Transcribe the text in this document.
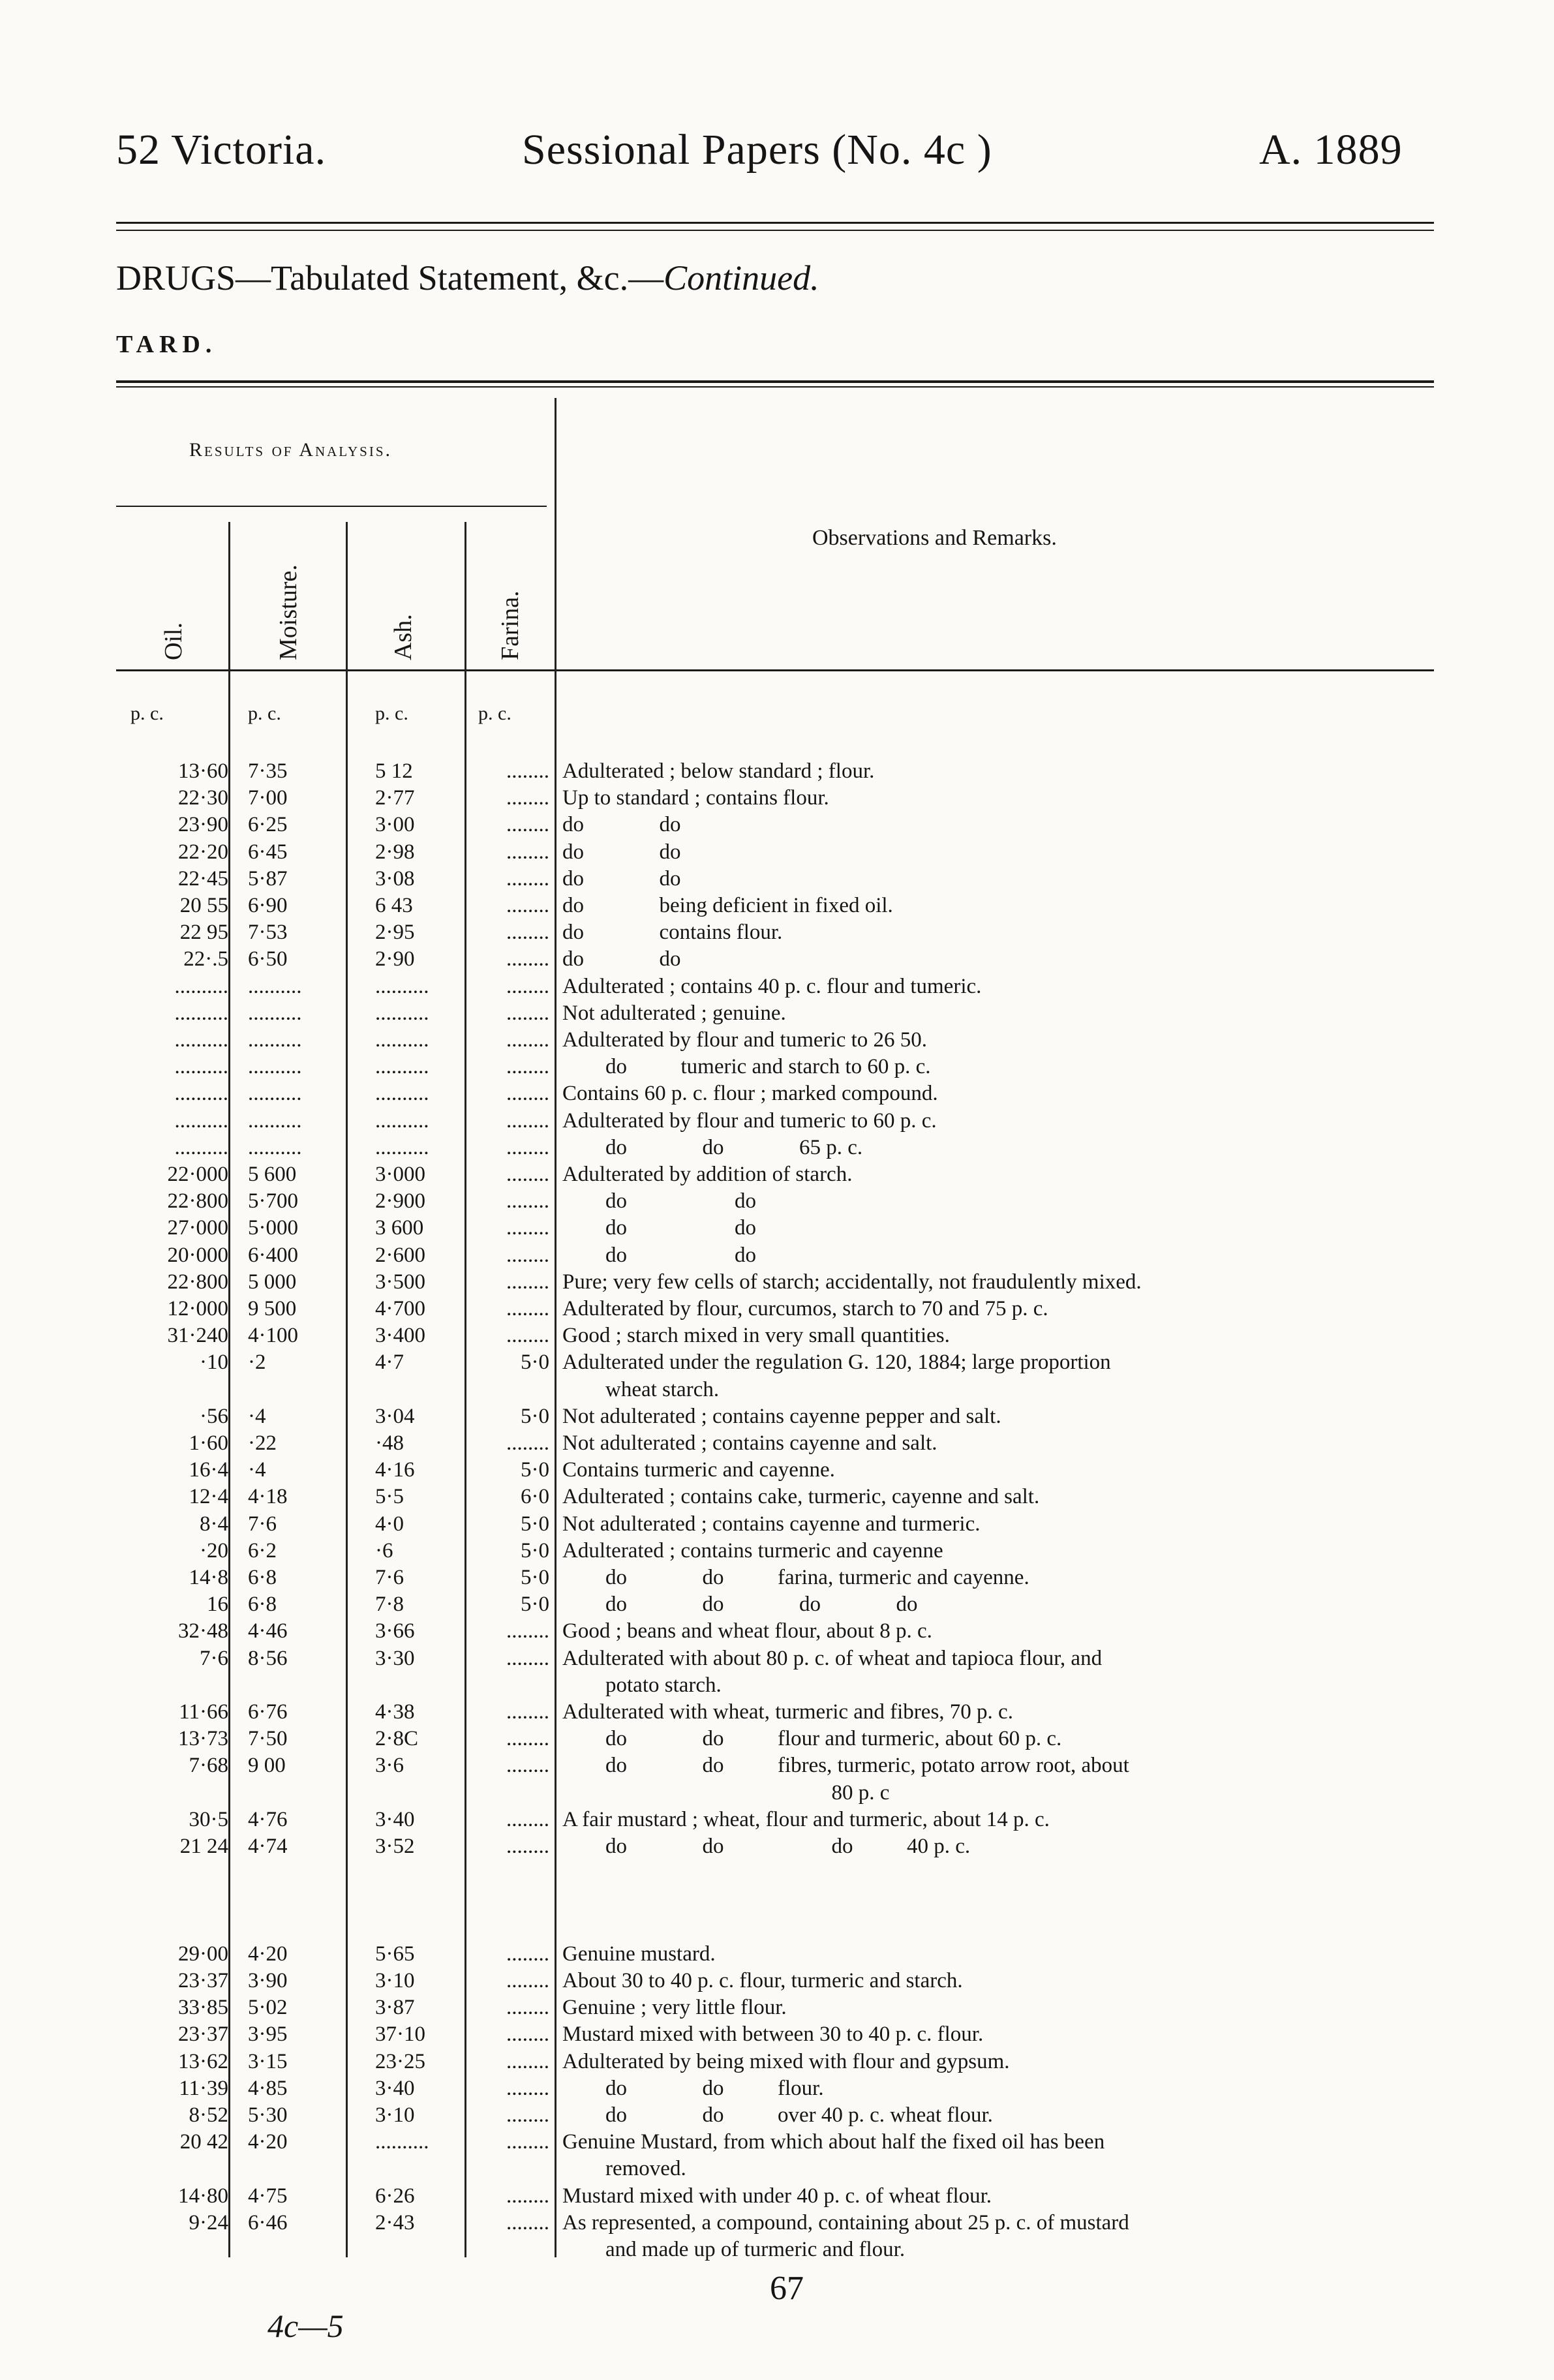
52 Victoria.	Sessional Papers (No. 4c )	A. 1889
DRUGS—Tabulated Statement, &c.—Continued.
TARD.
Results of Analysis.
Observations and Remarks.
Oil.	Moisture.	Ash.	Farina.
p. c.	p. c.	p. c.	p. c.
13·60 7·35	5 12	........ Adulterated ; below standard ; flour.
22·30 7·00	2·77	........ Up to standard ; contains flour.
23·90 6·25	3·00	........ do              do
22·20 6·45	2·98	........ do              do
22·45 5·87	3·08	........ do              do
20 55 6·90	6 43	........ do              being deficient in fixed oil.
22 95 7·53	2·95	........ do              contains flour.
22·.5 6·50	2·90	........ do              do
.......... ..........	..........	........ Adulterated ; contains 40 p. c. flour and tumeric.
.......... ..........	..........	........ Not adulterated ; genuine.
.......... ..........	..........	........ Adulterated by flour and tumeric to 26 50.
.......... ..........	..........	........ do          tumeric and starch to 60 p. c.
.......... ..........	..........	........ Contains 60 p. c. flour ; marked compound.
.......... ..........	..........	........ Adulterated by flour and tumeric to 60 p. c.
.......... ..........	..........	........ do              do              65 p. c.
22·000 5 600	3·000	........ Adulterated by addition of starch.
22·800 5·700	2·900	........ do                    do
27·000 5·000	3 600	........ do                    do
20·000 6·400	2·600	........ do                    do
22·800 5 000	3·500	........ Pure; very few cells of starch; accidentally, not fraudulently mixed.
12·000 9 500	4·700	........ Adulterated by flour, curcumos, starch to 70 and 75 p. c.
31·240 4·100	3·400	........ Good ; starch mixed in very small quantities.
·10 ·2	4·7	5·0 Adulterated under the regulation G. 120, 1884; large proportion
wheat starch.
·56 ·4	3·04	5·0 Not adulterated ; contains cayenne pepper and salt.
1·60 ·22	·48	........ Not adulterated ; contains cayenne and salt.
16·4 ·4	4·16	5·0 Contains turmeric and cayenne.
12·4 4·18	5·5	6·0 Adulterated ; contains cake, turmeric, cayenne and salt.
8·4 7·6	4·0	5·0 Not adulterated ; contains cayenne and turmeric.
·20 6·2	·6	5·0 Adulterated ; contains turmeric and cayenne
14·8 6·8	7·6	5·0 do              do          farina, turmeric and cayenne.
16 6·8	7·8	5·0 do              do              do              do
32·48 4·46	3·66	........ Good ; beans and wheat flour, about 8 p. c.
7·6 8·56	3·30	........ Adulterated with about 80 p. c. of wheat and tapioca flour, and
potato starch.
11·66 6·76	4·38	........ Adulterated with wheat, turmeric and fibres, 70 p. c.
13·73 7·50	2·8C	........ do              do          flour and turmeric, about 60 p. c.
7·68 9 00	3·6	........ do              do          fibres, turmeric, potato arrow root, about
80 p. c
30·5 4·76	3·40	........ A fair mustard ; wheat, flour and turmeric, about 14 p. c.
21 24 4·74	3·52	........ do              do                    do          40 p. c.
29·00 4·20	5·65	........ Genuine mustard.
23·37 3·90	3·10	........ About 30 to 40 p. c. flour, turmeric and starch.
33·85 5·02	3·87	........ Genuine ; very little flour.
23·37 3·95	37·10	........ Mustard mixed with between 30 to 40 p. c. flour.
13·62 3·15	23·25	........ Adulterated by being mixed with flour and gypsum.
11·39 4·85	3·40	........ do              do          flour.
8·52 5·30	3·10	........ do              do          over 40 p. c. wheat flour.
20 42 4·20	..........	........ Genuine Mustard, from which about half the fixed oil has been
removed.
14·80 4·75	6·26	........ Mustard mixed with under 40 p. c. of wheat flour.
9·24 6·46	2·43	........ As represented, a compound, containing about 25 p. c. of mustard
and made up of turmeric and flour.
67
4c—5
